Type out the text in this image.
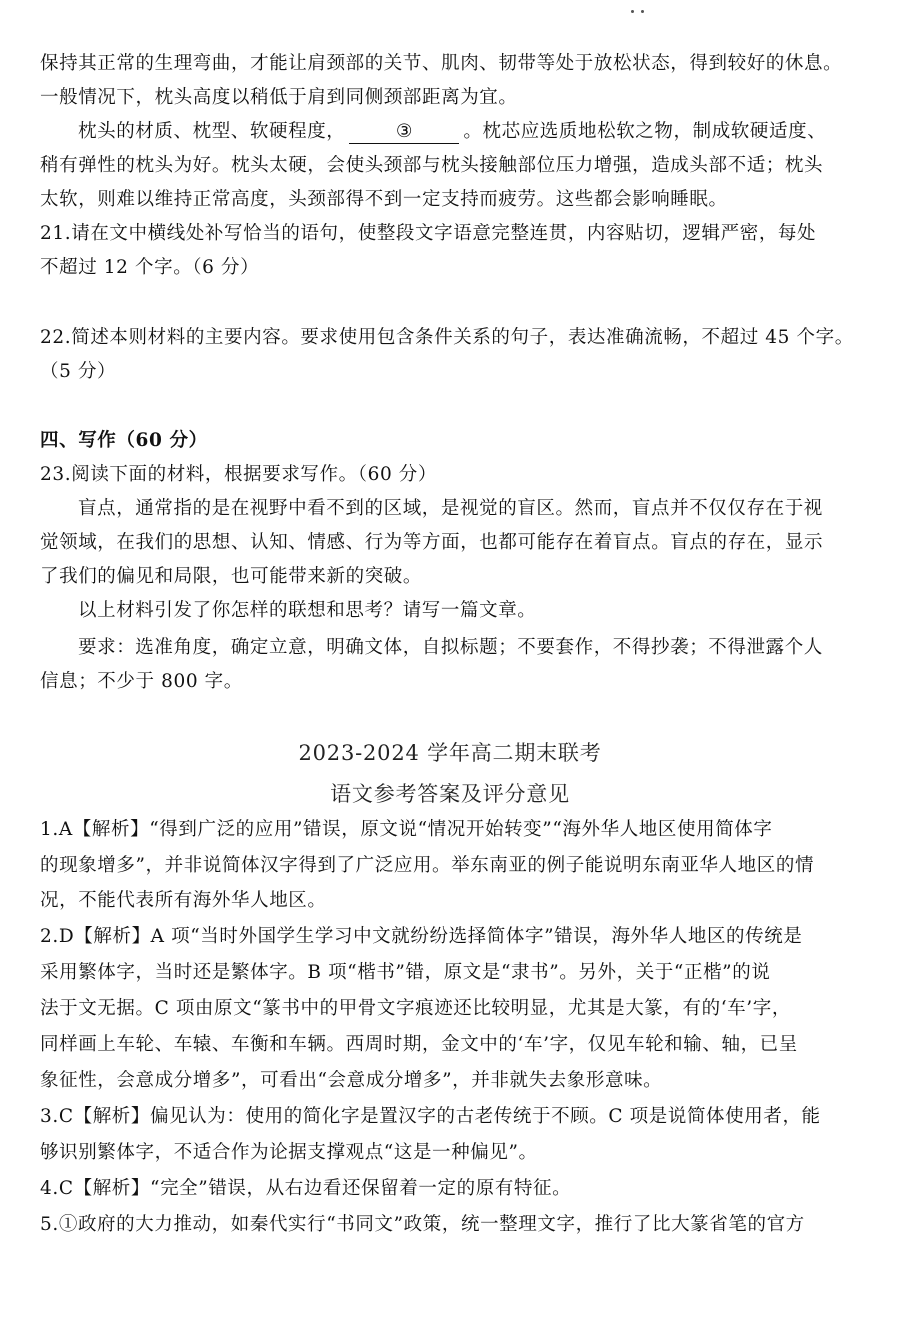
保持其正常的生理弯曲，才能让肩颈部的关节、肌肉、韧带等处于放松状态，得到较好的休息。
一般情况下，枕头高度以稍低于肩到同侧颈部距离为宜。
枕头的材质、枕型、软硬程度，	③	。枕芯应选质地松软之物，制成软硬适度、
稍有弹性的枕头为好。枕头太硬，会使头颈部与枕头接触部位压力增强，造成头部不适；枕头
太软，则难以维持正常高度，头颈部得不到一定支持而疲劳。这些都会影响睡眠。
21.请在文中横线处补写恰当的语句，使整段文字语意完整连贯，内容贴切，逻辑严密，每处
不超过 12 个字。（6 分）
22.简述本则材料的主要内容。要求使用包含条件关系的句子，表达准确流畅，不超过 45 个字。
（5 分）
四、写作（60 分）
23.阅读下面的材料，根据要求写作。（60 分）
盲点，通常指的是在视野中看不到的区域，是视觉的盲区。然而，盲点并不仅仅存在于视
觉领域，在我们的思想、认知、情感、行为等方面，也都可能存在着盲点。盲点的存在，显示
了我们的偏见和局限，也可能带来新的突破。
以上材料引发了你怎样的联想和思考？请写一篇文章。
要求：选准角度，确定立意，明确文体，自拟标题；不要套作，不得抄袭；不得泄露个人
信息；不少于 800 字。
2023-2024 学年高二期末联考
语文参考答案及评分意见
1.A【解析】“得到广泛的应用”错误，原文说“情况开始转变”“海外华人地区使用简体字
的现象增多”，并非说简体汉字得到了广泛应用。举东南亚的例子能说明东南亚华人地区的情
况，不能代表所有海外华人地区。
2.D【解析】A 项“当时外国学生学习中文就纷纷选择简体字”错误，海外华人地区的传统是
采用繁体字，当时还是繁体字。B 项“楷书”错，原文是“隶书”。另外，关于“正楷”的说
法于文无据。C 项由原文“篆书中的甲骨文字痕迹还比较明显，尤其是大篆，有的‘车’字，
同样画上车轮、车辕、车衡和车辆。西周时期，金文中的‘车’字，仅见车轮和输、轴，已呈
象征性，会意成分增多”，可看出“会意成分增多”，并非就失去象形意味。
3.C【解析】偏见认为：使用的简化字是置汉字的古老传统于不顾。C 项是说简体使用者，能
够识别繁体字，不适合作为论据支撑观点“这是一种偏见”。
4.C【解析】“完全”错误，从右边看还保留着一定的原有特征。
5.①政府的大力推动，如秦代实行“书同文”政策，统一整理文字，推行了比大篆省笔的官方
